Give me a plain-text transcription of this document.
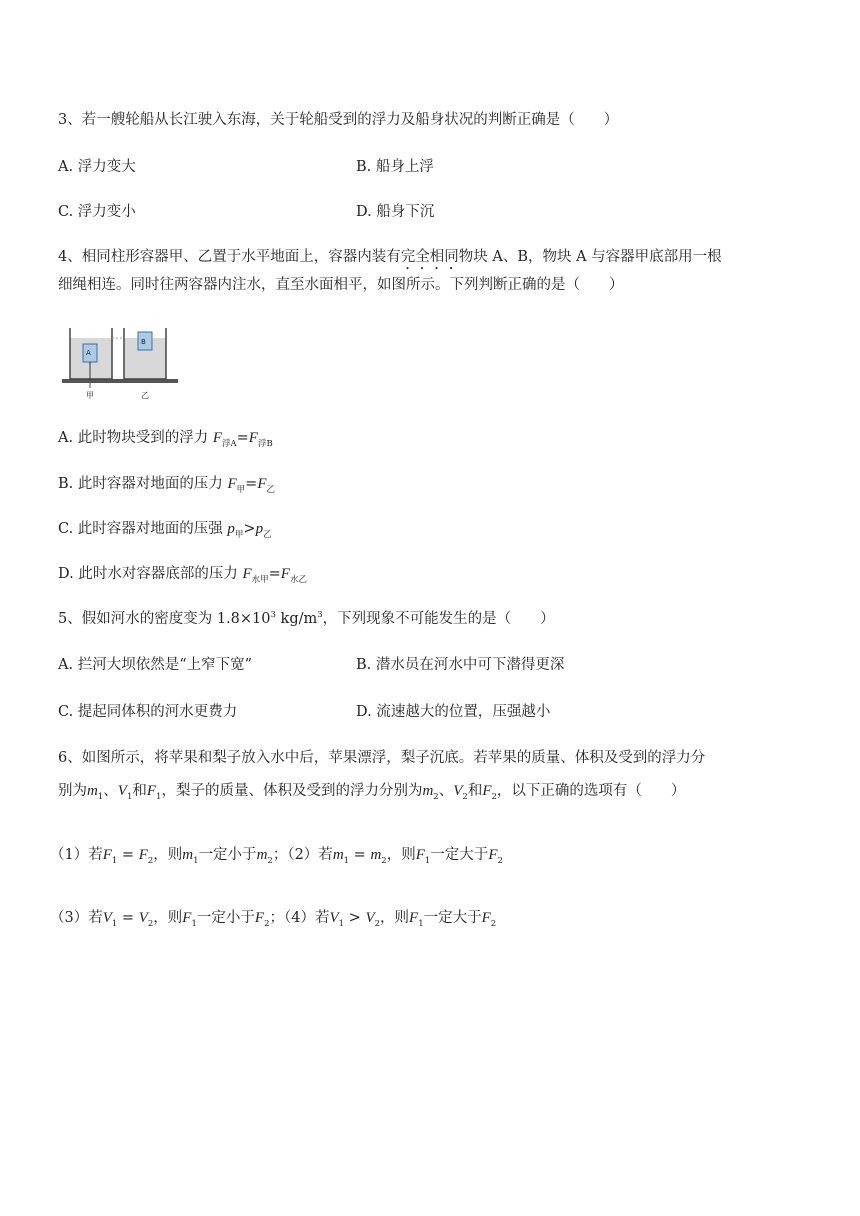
3、若一艘轮船从长江驶入东海，关于轮船受到的浮力及船身状况的判断正确是（　　）
A. 浮力变大	B. 船身上浮
C. 浮力变小	D. 船身下沉
4、相同柱形容器甲、乙置于水平地面上，容器内装有完全相同物块 A、B，物块 A 与容器甲底部用一根
细绳相连。同时往两容器内注水，直至水面相平，如图所示。下列判断正确的是（　　）
A
B
甲	乙
A. 此时物块受到的浮力 $F_{浮A}=F_{浮B}$
B. 此时容器对地面的压力 $F_甲=F_乙$
C. 此时容器对地面的压强 $p_甲>p_乙$
D. 此时水对容器底部的压力 $F_{水甲}=F_{水乙}$
5、假如河水的密度变为 $1.8\times 10^3$ $kg/m^3$，下列现象不可能发生的是（　　）
A. 拦河大坝依然是“上窄下宽”	B. 潜水员在河水中可下潜得更深
C. 提起同体积的河水更费力	D. 流速越大的位置，压强越小
6、如图所示，将苹果和梨子放入水中后，苹果漂浮，梨子沉底。若苹果的质量、体积及受到的浮力分
别为$m_1$、$V_1$和$F_1$，梨子的质量、体积及受到的浮力分别为$m_2$、$V_2$和$F_2$，以下正确的选项有（　　）
（1）若$F_1 = F_2$，则$m_1$一定小于$m_2$；（2）若$m_1 = m_2$，则$F_1$一定大于$F_2$
（3）若$V_1 = V_2$，则$F_1$一定小于$F_2$；（4）若$V_1 > V_2$，则$F_1$一定大于$F_2$
